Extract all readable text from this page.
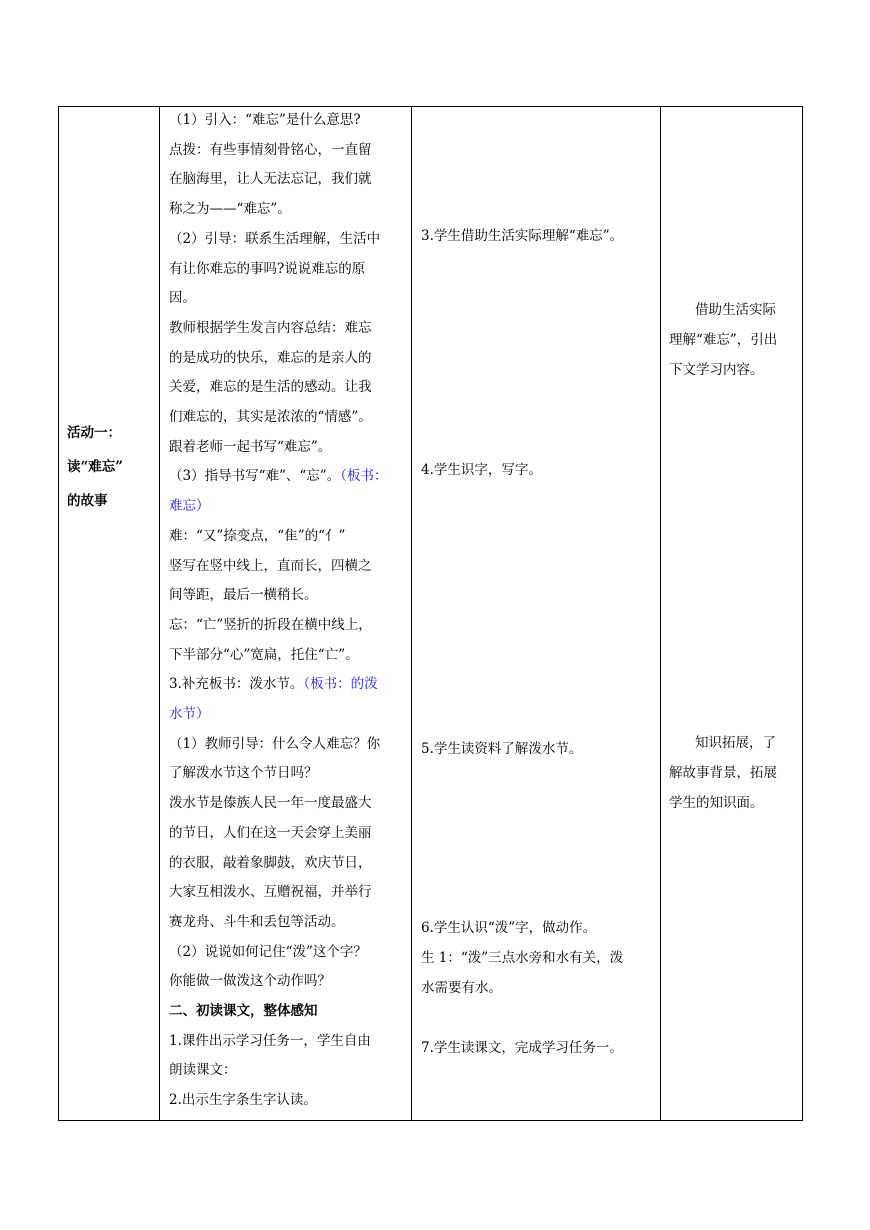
活动一：
读“难忘”
的故事

（1）引入：“难忘”是什么意思?
点拨：有些事情刻骨铭心，一直留
在脑海里，让人无法忘记，我们就
称之为——“难忘”。
（2）引导：联系生活理解，生活中
有让你难忘的事吗?说说难忘的原
因。
教师根据学生发言内容总结：难忘
的是成功的快乐，难忘的是亲人的
关爱，难忘的是生活的感动。让我
们难忘的，其实是浓浓的“情感”。
跟着老师一起书写“难忘”。
（3）指导书写“难”、“忘”。（板书：
难忘）
难：“又”捺变点，“隹”的“亻”
竖写在竖中线上，直而长，四横之
间等距，最后一横稍长。
忘：“亡”竖折的折段在横中线上，
下半部分“心”宽扁，托住“亡”。
3.补充板书：泼水节。（板书：的泼
水节）
（1）教师引导：什么令人难忘？你
了解泼水节这个节日吗？
泼水节是傣族人民一年一度最盛大
的节日，人们在这一天会穿上美丽
的衣服，敲着象脚鼓，欢庆节日，
大家互相泼水、互赠祝福，并举行
赛龙舟、斗牛和丢包等活动。
（2）说说如何记住“泼”这个字？
你能做一做泼这个动作吗？
二、初读课文，整体感知
1.课件出示学习任务一，学生自由
朗读课文：
2.出示生字条生字认读。

3.学生借助生活实际理解“难忘”。
4.学生识字，写字。
5.学生读资料了解泼水节。
6.学生认识“泼”字，做动作。
生 1：“泼”三点水旁和水有关，泼
水需要有水。
7.学生读课文，完成学习任务一。

借助生活实际
理解“难忘”，引出
下文学习内容。
知识拓展，了
解故事背景，拓展
学生的知识面。
